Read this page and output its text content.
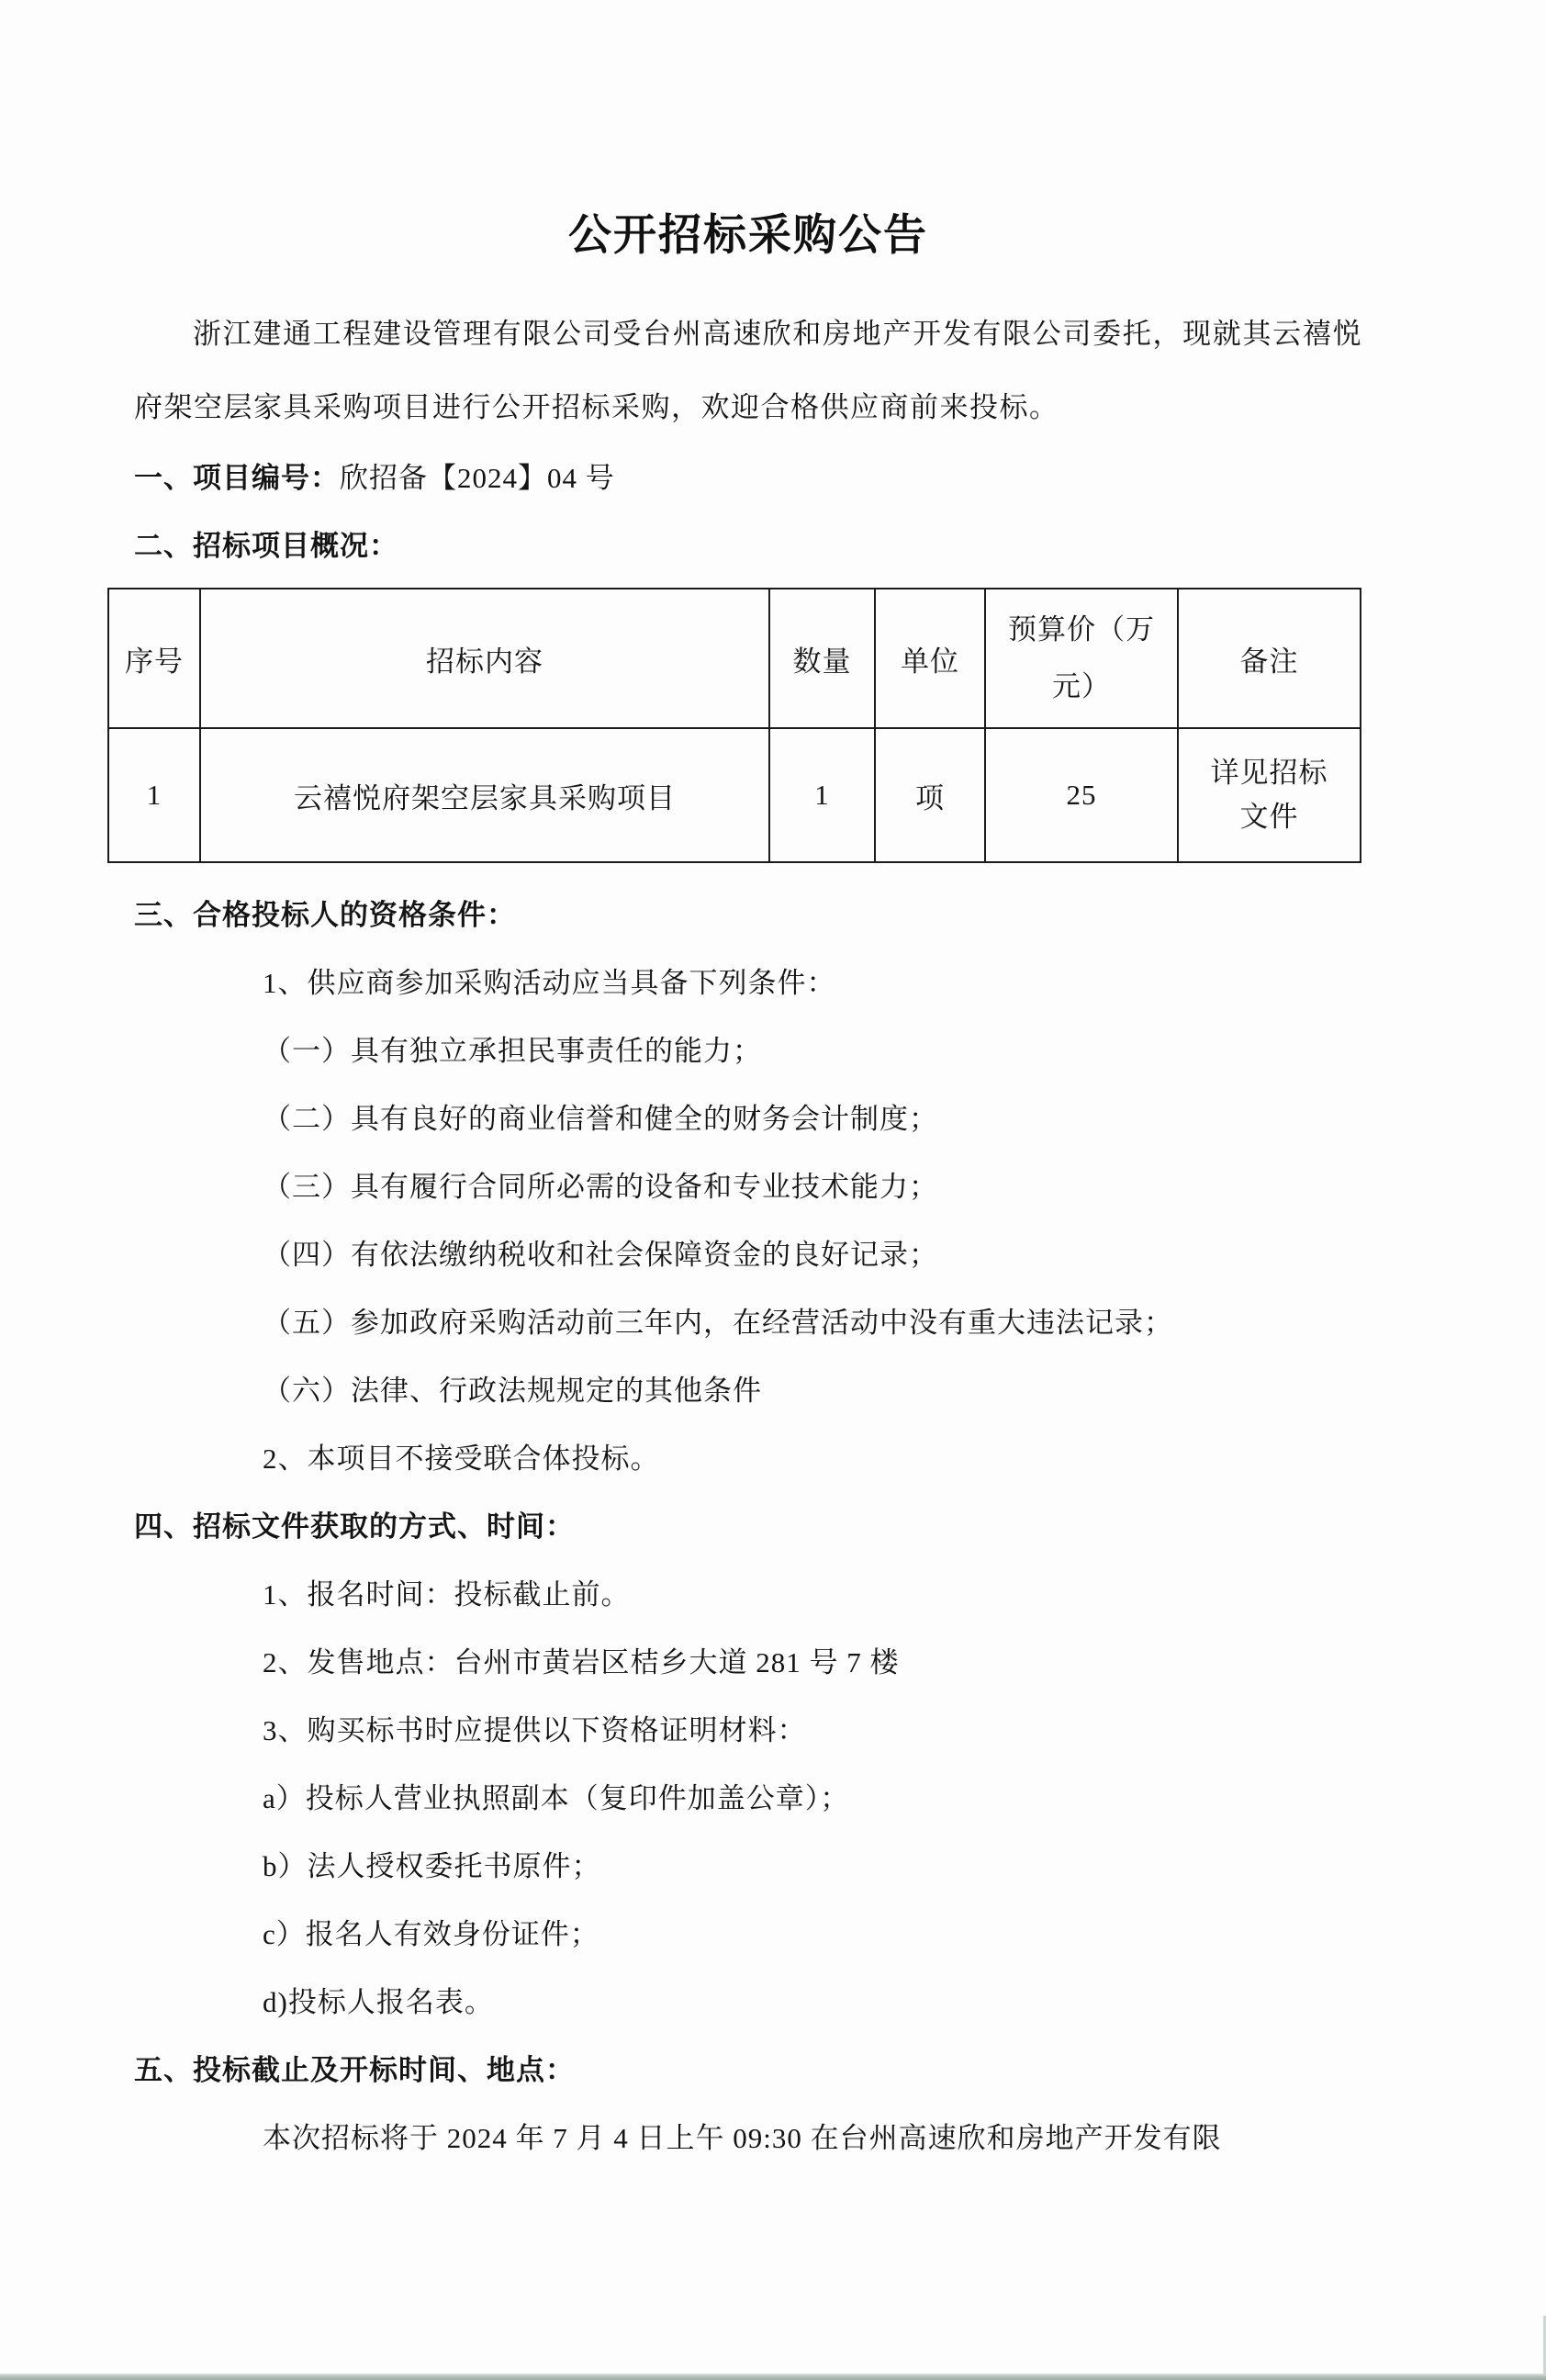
公开招标采购公告

浙江建通工程建设管理有限公司受台州高速欣和房地产开发有限公司委托，现就其云禧悦府架空层家具采购项目进行公开招标采购，欢迎合格供应商前来投标。

一、项目编号：欣招备【2024】04 号

二、招标项目概况：

序号	招标内容	数量	单位	预算价（万元）	备注
1	云禧悦府架空层家具采购项目	1	项	25	详见招标文件

三、合格投标人的资格条件：

1、供应商参加采购活动应当具备下列条件：

（一）具有独立承担民事责任的能力；

（二）具有良好的商业信誉和健全的财务会计制度；

（三）具有履行合同所必需的设备和专业技术能力；

（四）有依法缴纳税收和社会保障资金的良好记录；

（五）参加政府采购活动前三年内，在经营活动中没有重大违法记录；

（六）法律、行政法规规定的其他条件

2、本项目不接受联合体投标。

四、招标文件获取的方式、时间：

1、报名时间：投标截止前。

2、发售地点：台州市黄岩区桔乡大道 281 号 7 楼

3、购买标书时应提供以下资格证明材料：

a）投标人营业执照副本（复印件加盖公章）；

b）法人授权委托书原件；

c）报名人有效身份证件；

d)投标人报名表。

五、投标截止及开标时间、地点：

本次招标将于 2024 年 7 月 4 日上午 09:30 在台州高速欣和房地产开发有限
